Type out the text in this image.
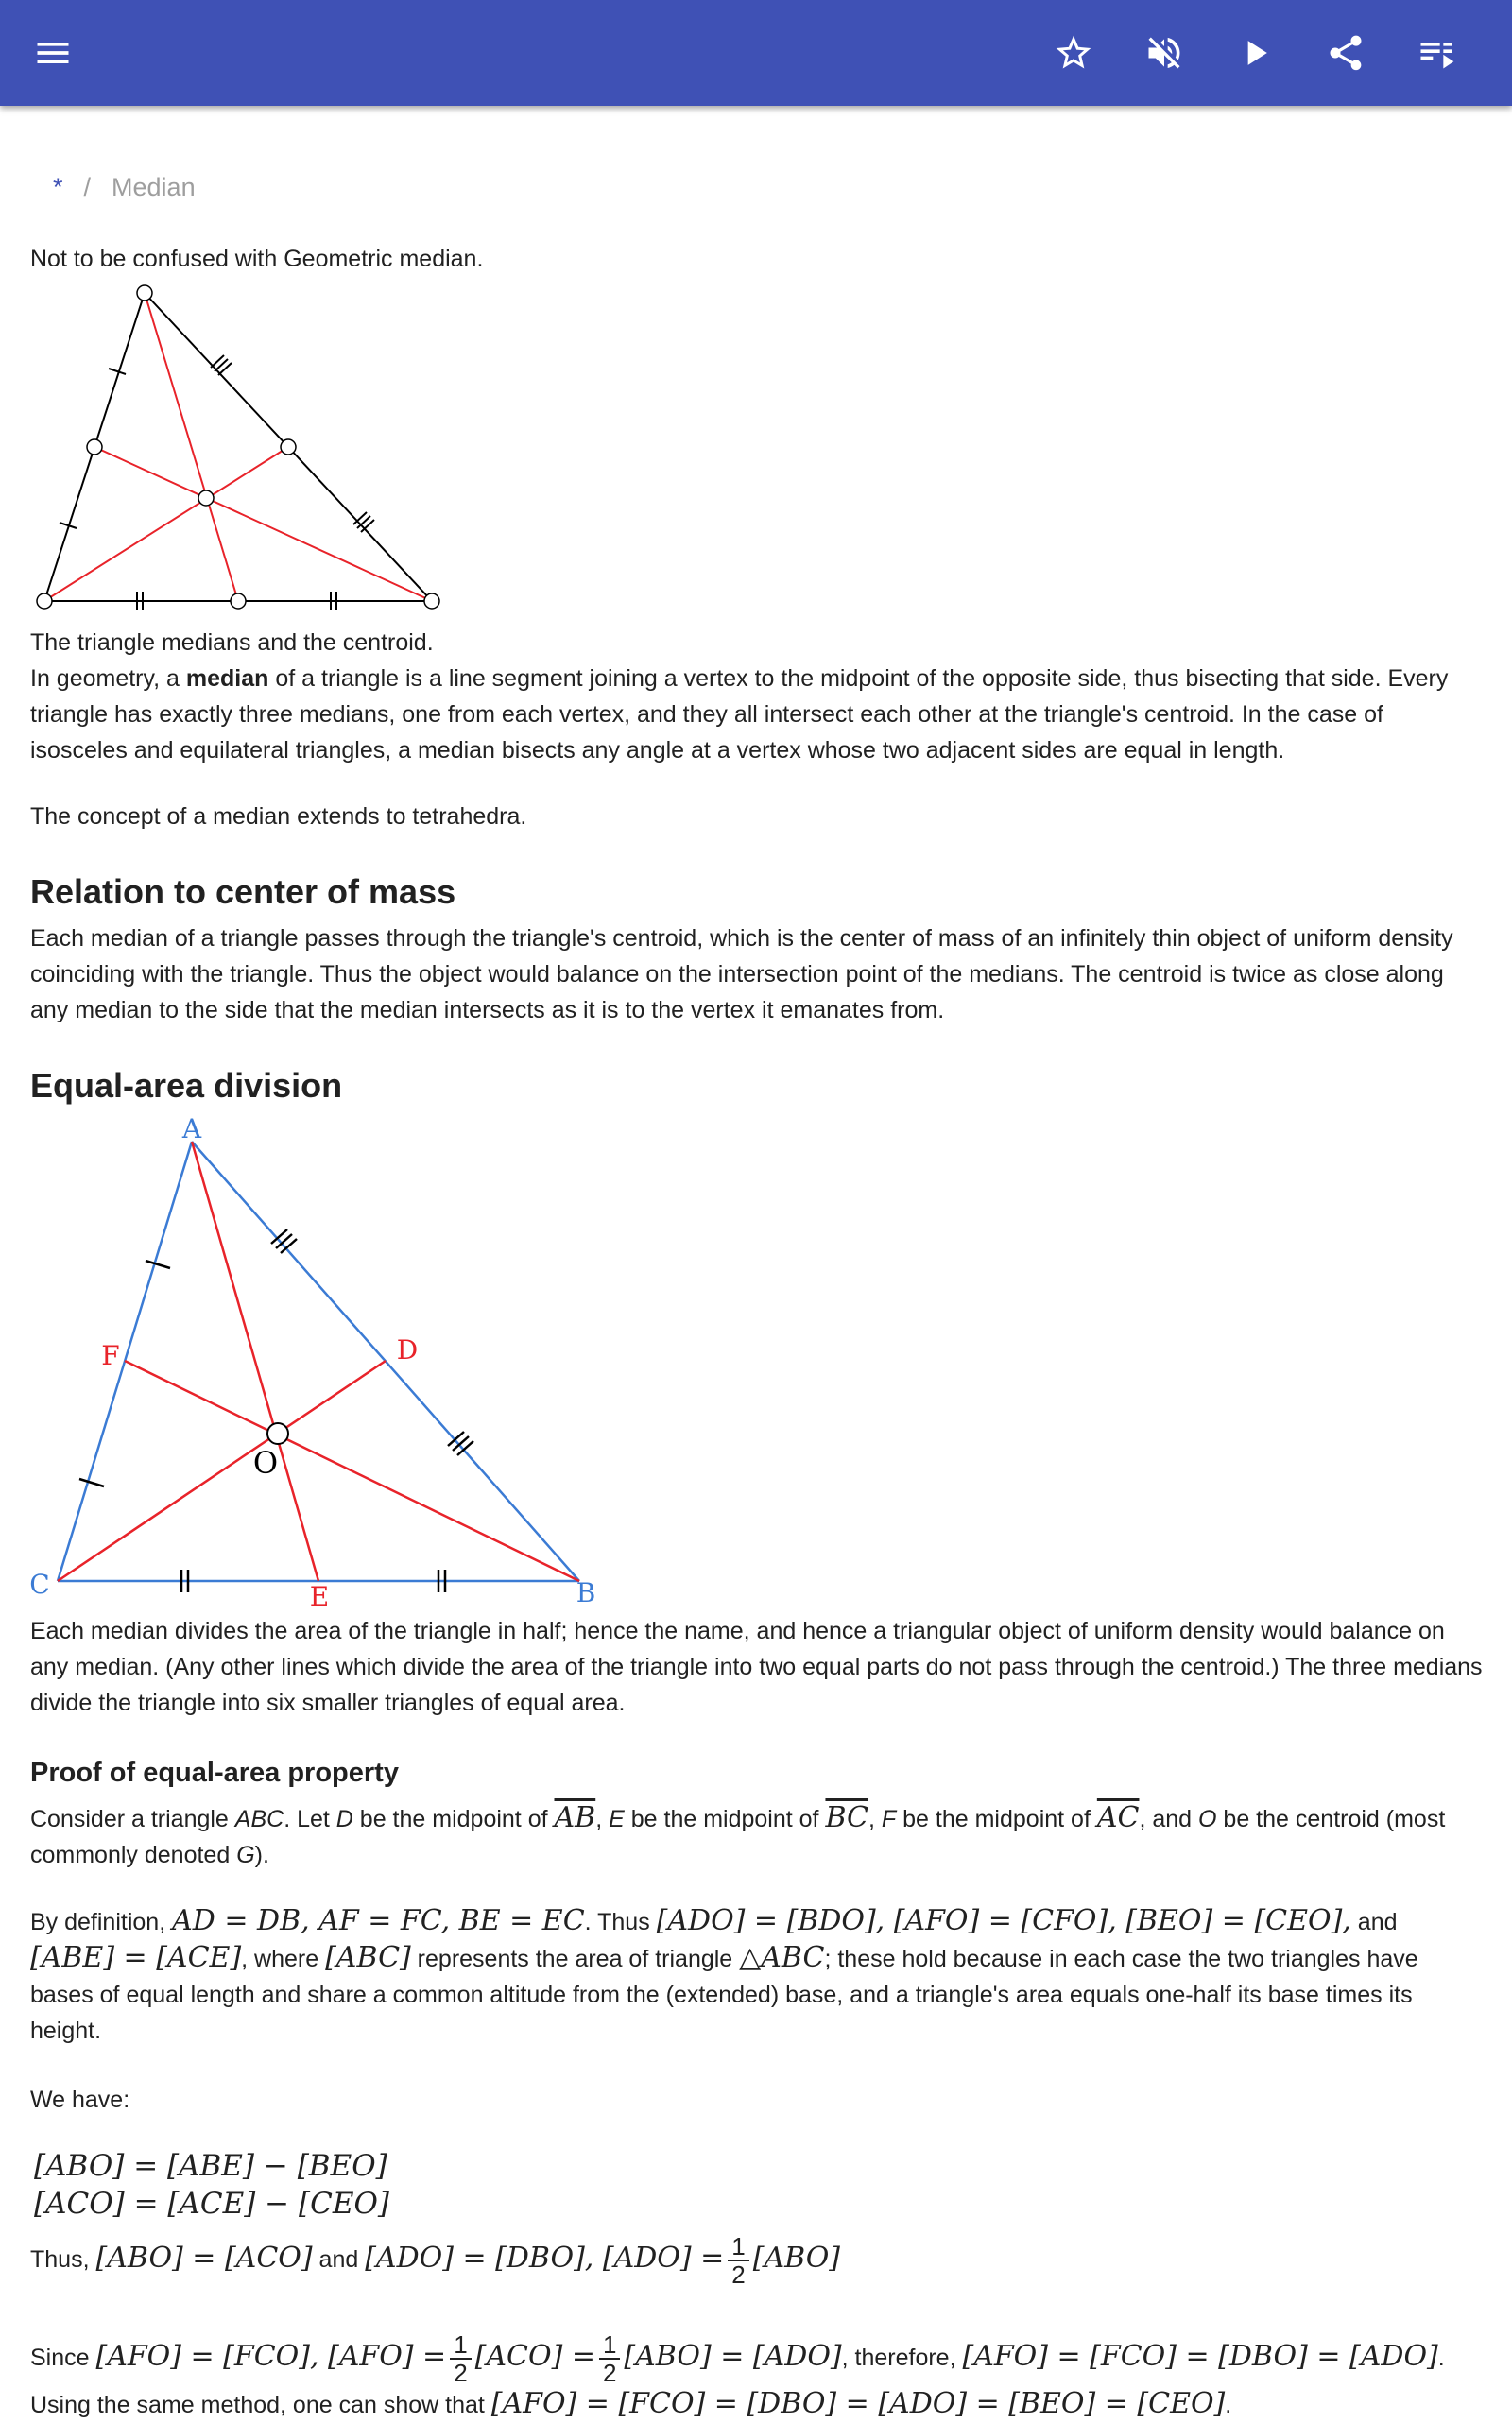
* / Median

Not to be confused with Geometric median.

The triangle medians and the centroid.

In geometry, a median of a triangle is a line segment joining a vertex to the midpoint of the opposite side, thus bisecting that side. Every triangle has exactly three medians, one from each vertex, and they all intersect each other at the triangle's centroid. In the case of isosceles and equilateral triangles, a median bisects any angle at a vertex whose two adjacent sides are equal in length.

The concept of a median extends to tetrahedra.

Relation to center of mass

Each median of a triangle passes through the triangle's centroid, which is the center of mass of an infinitely thin object of uniform density coinciding with the triangle. Thus the object would balance on the intersection point of the medians. The centroid is twice as close along any median to the side that the median intersects as it is to the vertex it emanates from.

Equal-area division
A
B
C
D
E
F
O

Each median divides the area of the triangle in half; hence the name, and hence a triangular object of uniform density would balance on any median. (Any other lines which divide the area of the triangle into two equal parts do not pass through the centroid.) The three medians divide the triangle into six smaller triangles of equal area.

Proof of equal-area property

Consider a triangle ABC. Let D be the midpoint of $\overline{AB}$, E be the midpoint of $\overline{BC}$, F be the midpoint of $\overline{AC}$, and O be the centroid (most commonly denoted G).

By definition, AD = DB, AF = FC, BE = EC. Thus [ADO] = [BDO], [AFO] = [CFO], [BEO] = [CEO], and [ABE] = [ACE], where [ABC] represents the area of triangle △ABC; these hold because in each case the two triangles have bases of equal length and share a common altitude from the (extended) base, and a triangle's area equals one-half its base times its height.

We have:

[ABO] = [ABE] − [BEO]
[ACO] = [ACE] − [CEO]
Thus, [ABO] = [ACO] and [ADO] = [DBO], $[ADO] = \frac{1}{2} [ABO]$
Since [AFO] = [FCO], $[AFO] = \frac{1}{2} [ACO] = \frac{1}{2} [ABO] = [ADO]$, therefore, [AFO] = [FCO] = [DBO] = [ADO].
Using the same method, one can show that [AFO] = [FCO] = [DBO] = [ADO] = [BEO] = [CEO].
